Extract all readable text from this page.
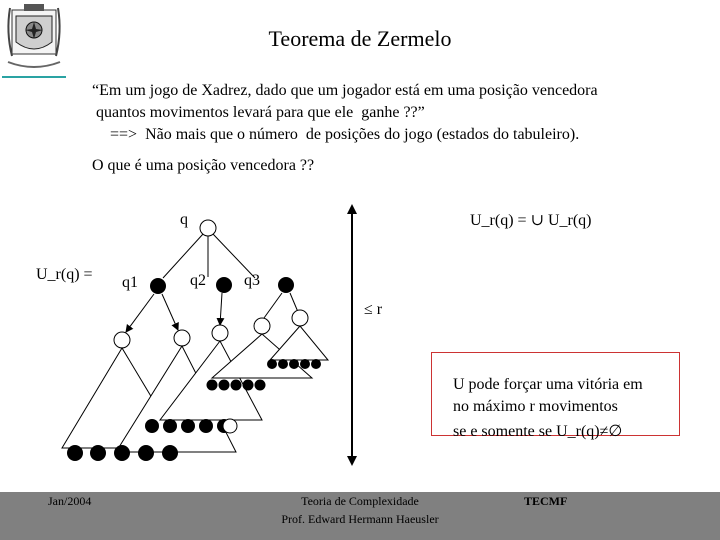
Teorema de Zermelo
“Em um jogo de Xadrez, dado que um jogador está em uma posição vencedora
quantos movimentos levará para que ele  ganhe ??”
==>  Não mais que o número  de posições do jogo (estados do tabuleiro).
O que é uma posição vencedora ??
q
q1	q2 q3
U_r(q) =
U_r(q) = ∪ U_r(q)
≤ r
U pode forçar uma vitória em
no máximo r movimentos
se e somente se U_r(q)≠∅
Jan/2004	Teoria de Complexidade
Prof. Edward Hermann Haeusler
TECMF
